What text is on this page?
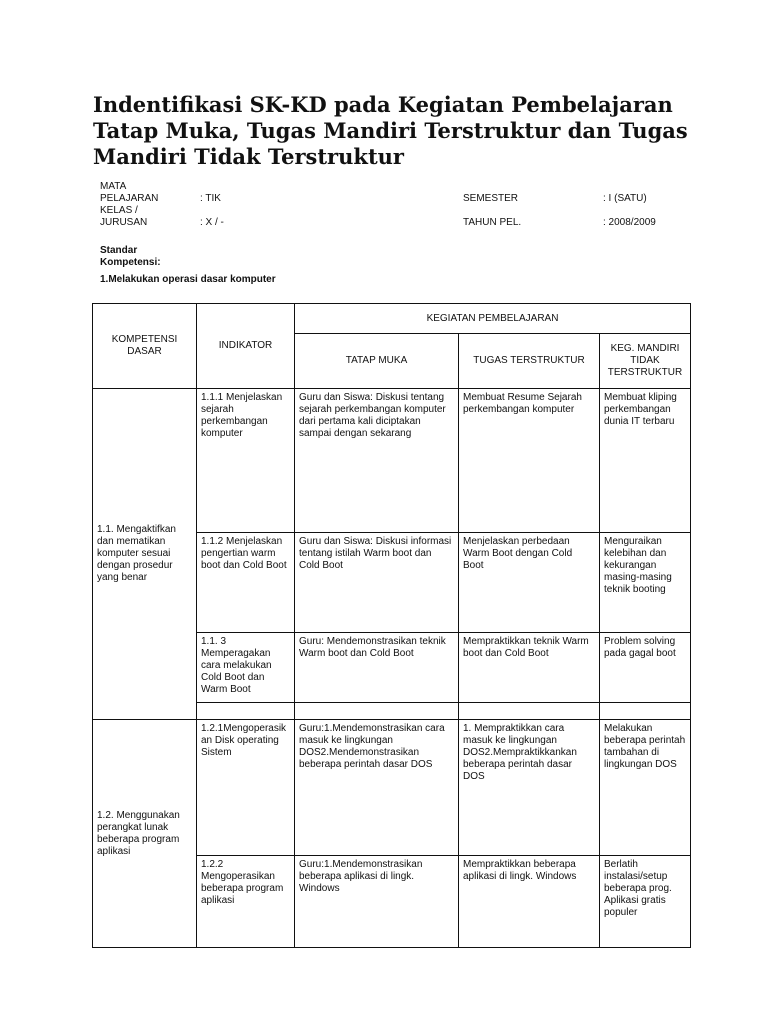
Indentifikasi SK-KD pada Kegiatan Pembelajaran Tatap Muka, Tugas Mandiri Terstruktur dan Tugas Mandiri Tidak Terstruktur
MATA
PELAJARAN	: TIK	SEMESTER	: I (SATU)
KELAS /
JURUSAN	: X / -	TAHUN PEL.	: 2008/2009
Standar
Kompetensi:
1.Melakukan operasi dasar komputer
KOMPETENSI DASAR	INDIKATOR	KEGIATAN PEMBELAJARAN		
		TATAP MUKA	TUGAS TERSTRUKTUR	KEG. MANDIRI TIDAK TERSTRUKTUR
1.1. Mengaktifkan dan mematikan komputer sesuai dengan prosedur yang benar	1.1.1 Menjelaskan sejarah perkembangan komputer	Guru dan Siswa: Diskusi tentang sejarah perkembangan komputer dari pertama kali diciptakan sampai dengan sekarang	Membuat Resume Sejarah perkembangan komputer	Membuat kliping perkembangan dunia IT terbaru
	1.1.2 Menjelaskan pengertian warm boot dan Cold Boot	Guru dan Siswa: Diskusi informasi tentang istilah Warm boot dan Cold Boot	Menjelaskan perbedaan Warm Boot dengan Cold Boot	Menguraikan kelebihan dan kekurangan masing-masing teknik booting
	1.1. 3 Memperagakan cara melakukan Cold Boot dan Warm Boot	Guru: Mendemonstrasikan teknik Warm boot dan Cold Boot	Mempraktikkan teknik Warm boot dan Cold Boot	Problem solving pada gagal boot

1.2. Menggunakan perangkat lunak beberapa program aplikasi	1.2.1Mengoperasikan Disk operating Sistem	Guru:1.Mendemonstrasikan cara masuk ke lingkungan DOS2.Mendemonstrasikan beberapa perintah dasar DOS	1. Mempraktikkan cara masuk ke lingkungan DOS2.Mempraktikkankan beberapa perintah dasar DOS	Melakukan beberapa perintah tambahan di lingkungan DOS
	1.2.2 Mengoperasikan beberapa program aplikasi	Guru:1.Mendemonstrasikan beberapa aplikasi di lingk. Windows	Mempraktikkan beberapa aplikasi di lingk. Windows	Berlatih instalasi/setup beberapa prog. Aplikasi gratis populer
